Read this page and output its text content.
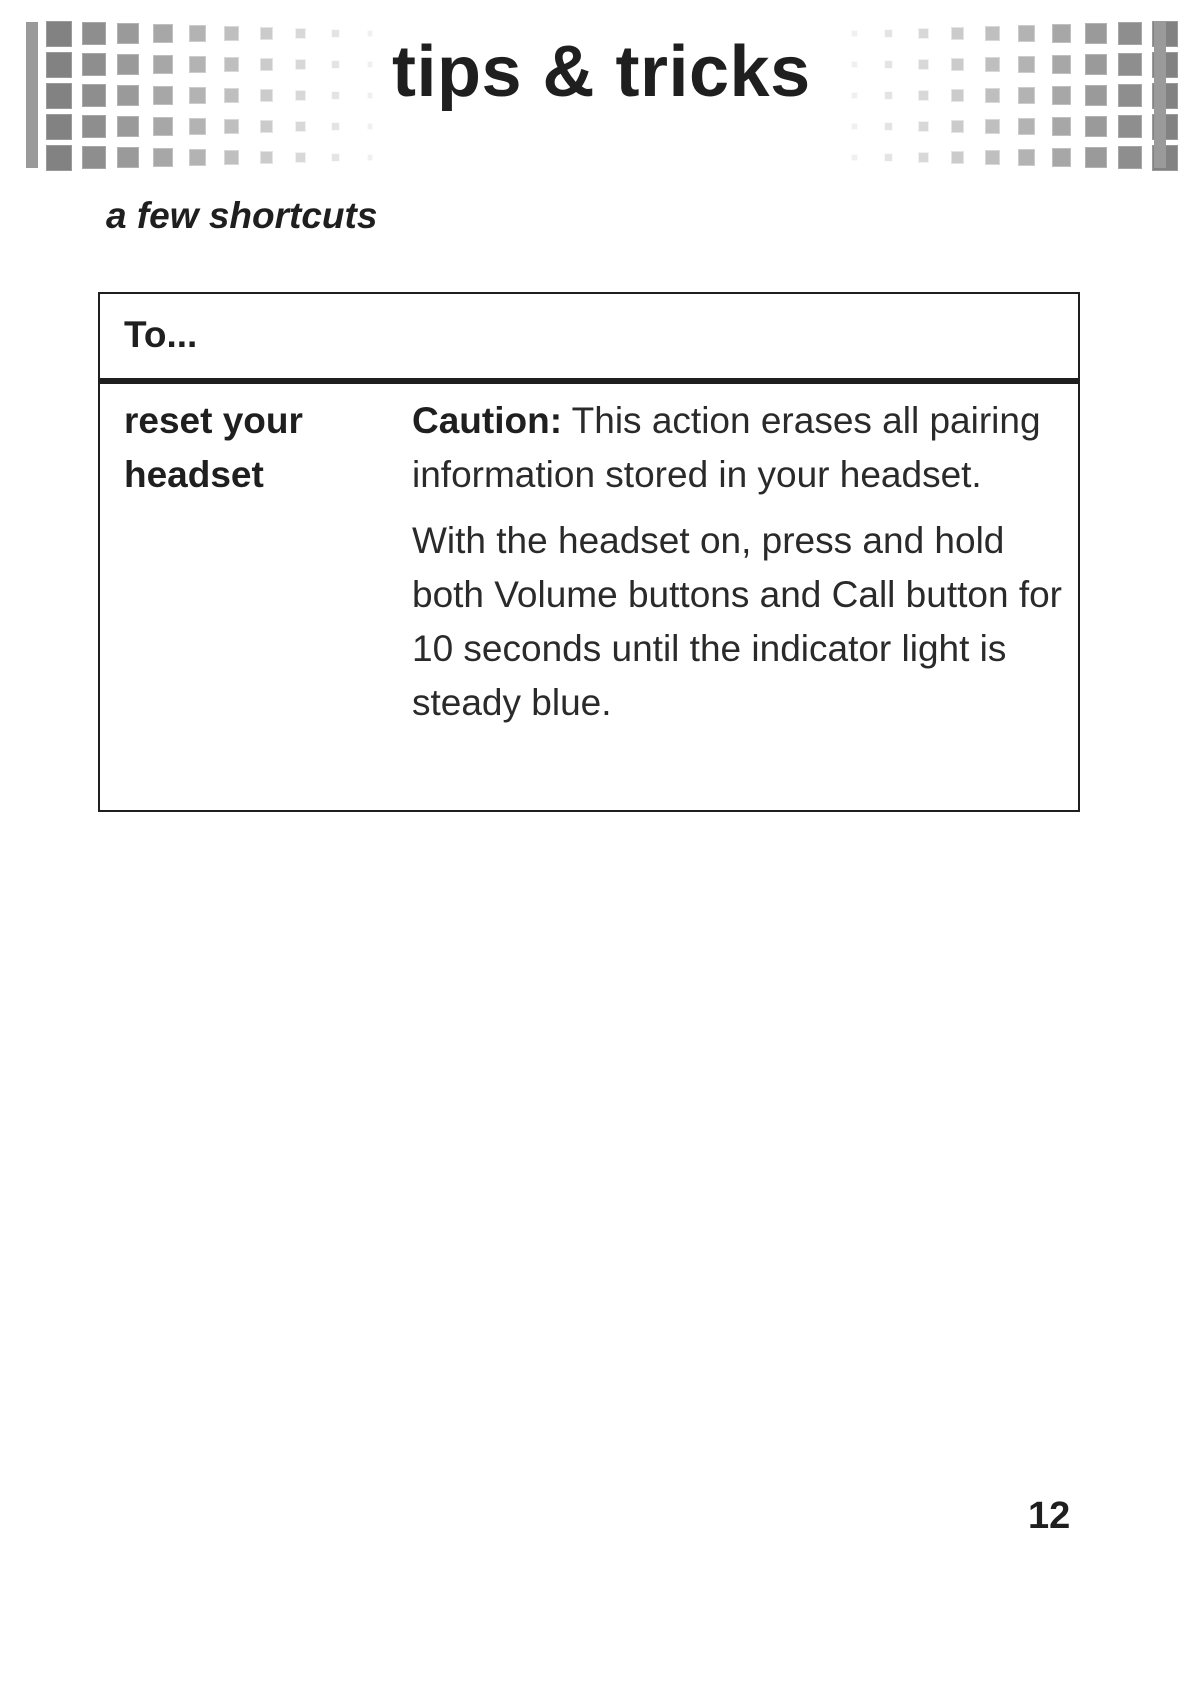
tips & tricks
a few shortcuts
To...
reset your headset

Caution: This action erases all pairing information stored in your headset.

With the headset on, press and hold both Volume buttons and Call button for 10 seconds until the indicator light is steady blue.

12
